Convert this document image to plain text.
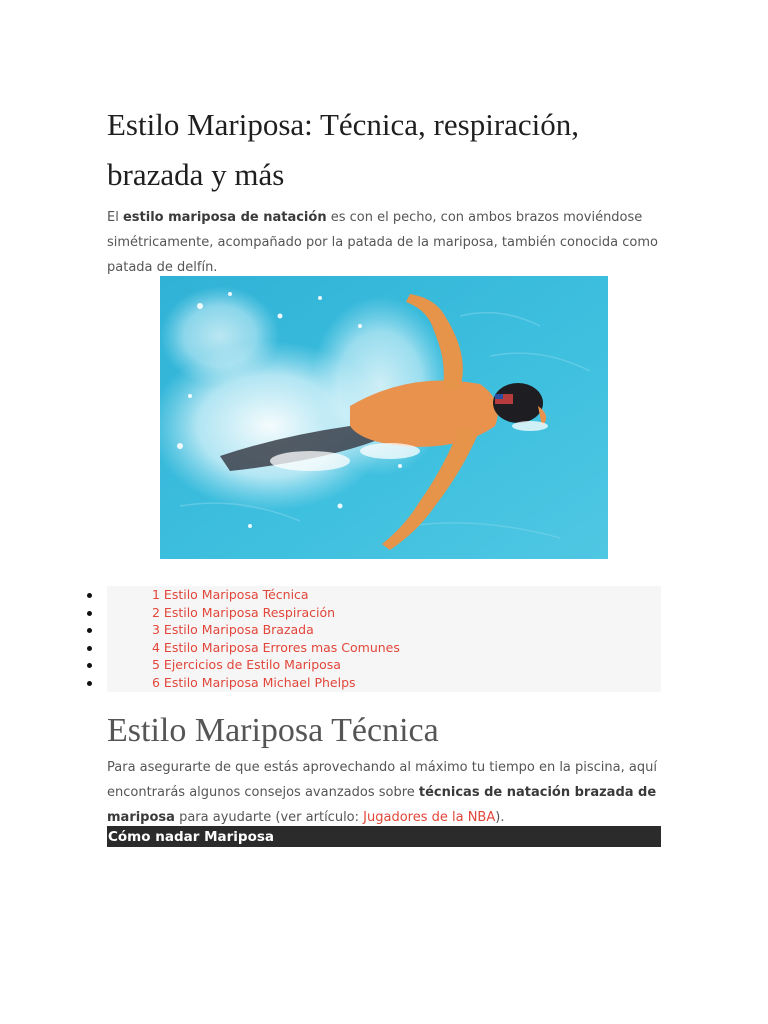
Estilo Mariposa: Técnica, respiración,
brazada y más

El estilo mariposa de natación es con el pecho, con ambos brazos moviéndose simétricamente, acompañado por la patada de la mariposa, también conocida como patada de delfín.

1 Estilo Mariposa Técnica
2 Estilo Mariposa Respiración
3 Estilo Mariposa Brazada
4 Estilo Mariposa Errores mas Comunes
5 Ejercicios de Estilo Mariposa
6 Estilo Mariposa Michael Phelps
Estilo Mariposa Técnica

Para asegurarte de que estás aprovechando al máximo tu tiempo en la piscina, aquí encontrarás algunos consejos avanzados sobre técnicas de natación brazada de mariposa para ayudarte (ver artículo: Jugadores de la NBA).

Cómo nadar Mariposa
